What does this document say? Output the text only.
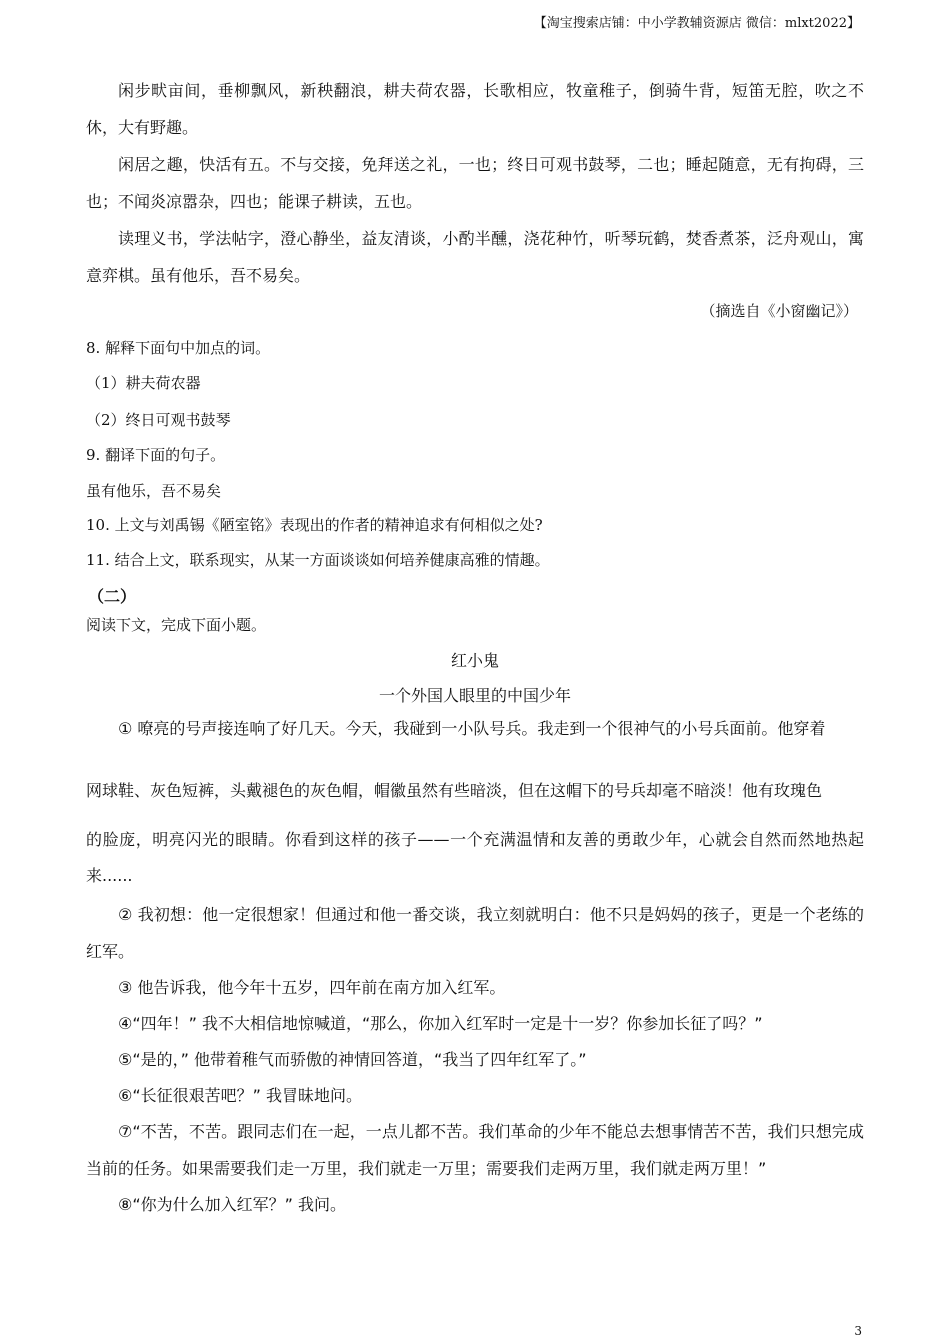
【淘宝搜索店铺：中小学教辅资源店 微信：mlxt2022】

闲步畎亩间，垂柳飘风，新秧翻浪，耕夫荷农器，长歌相应，牧童稚子，倒骑牛背，短笛无腔，吹之不休，大有野趣。

闲居之趣，快活有五。不与交接，免拜送之礼，一也；终日可观书鼓琴，二也；睡起随意，无有拘碍，三也；不闻炎凉嚣杂，四也；能课子耕读，五也。

读理义书，学法帖字，澄心静坐，益友清谈，小酌半醺，浇花种竹，听琴玩鹤，焚香煮茶，泛舟观山，寓意弈棋。虽有他乐，吾不易矣。

（摘选自《小窗幽记》）

8. 解释下面句中加点的词。

（1）耕夫荷农器

（2）终日可观书鼓琴

9. 翻译下面的句子。

虽有他乐，吾不易矣

10. 上文与刘禹锡《陋室铭》表现出的作者的精神追求有何相似之处?

11. 结合上文，联系现实，从某一方面谈谈如何培养健康高雅的情趣。

（二）

阅读下文，完成下面小题。

红小鬼

一个外国人眼里的中国少年

① 嘹亮的号声接连响了好几天。今天，我碰到一小队号兵。我走到一个很神气的小号兵面前。他穿着

网球鞋、灰色短裤，头戴褪色的灰色帽，帽徽虽然有些暗淡，但在这帽下的号兵却毫不暗淡！他有玫瑰色

的脸庞，明亮闪光的眼睛。你看到这样的孩子——一个充满温情和友善的勇敢少年，心就会自然而然地热起来......

② 我初想：他一定很想家！但通过和他一番交谈，我立刻就明白：他不只是妈妈的孩子，更是一个老练的红军。

③ 他告诉我，他今年十五岁，四年前在南方加入红军。

④“四年！” 我不大相信地惊喊道，“那么，你加入红军时一定是十一岁？你参加长征了吗？”

⑤“是的，” 他带着稚气而骄傲的神情回答道，“我当了四年红军了。”

⑥“长征很艰苦吧？” 我冒昧地问。

⑦“不苦，不苦。跟同志们在一起，一点儿都不苦。我们革命的少年不能总去想事情苦不苦，我们只想完成当前的任务。如果需要我们走一万里，我们就走一万里；需要我们走两万里，我们就走两万里！”

⑧“你为什么加入红军？” 我问。

3
